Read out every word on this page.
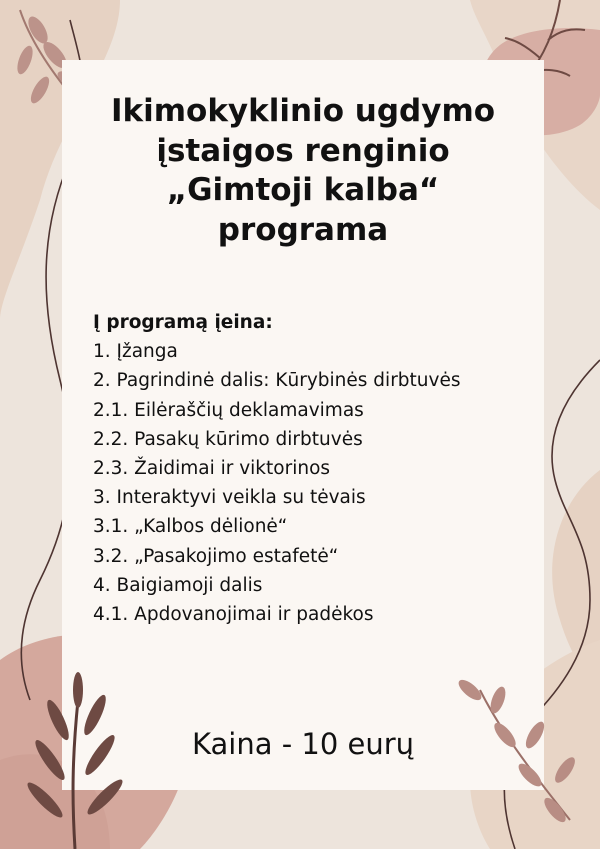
Ikimokyklinio ugdymo
įstaigos renginio
„Gimtoji kalba“
programa
Į programą įeina:
1. Įžanga
2. Pagrindinė dalis: Kūrybinės dirbtuvės
2.1. Eilėraščių deklamavimas
2.2. Pasakų kūrimo dirbtuvės
2.3. Žaidimai ir viktorinos
3. Interaktyvi veikla su tėvais
3.1. „Kalbos dėlionė“
3.2. „Pasakojimo estafetė“
4. Baigiamoji dalis
4.1. Apdovanojimai ir padėkos
Kaina - 10 eurų
